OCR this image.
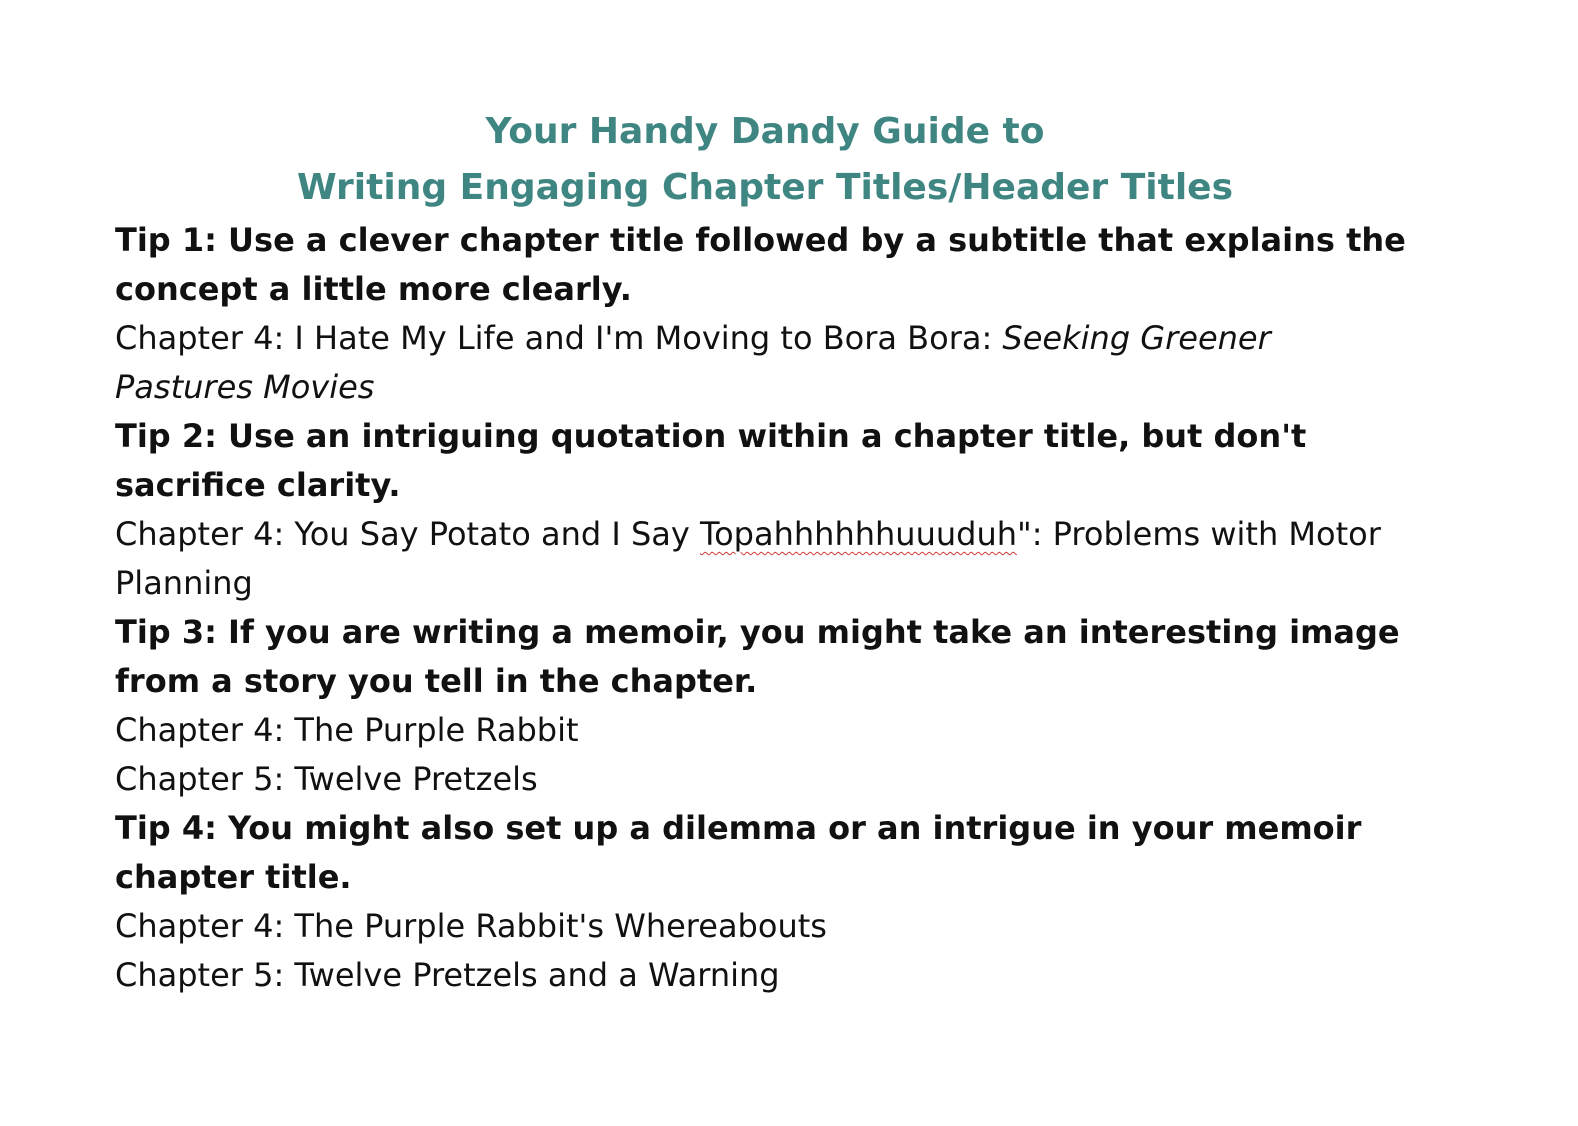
Your Handy Dandy Guide to
Writing Engaging Chapter Titles/Header Titles

Tip 1: Use a clever chapter title followed by a subtitle that explains the concept a little more clearly.

Chapter 4: I Hate My Life and I'm Moving to Bora Bora: Seeking Greener Pastures Movies

Tip 2: Use an intriguing quotation within a chapter title, but don't sacrifice clarity.

Chapter 4: You Say Potato and I Say Topahhhhhhuuuduh": Problems with Motor Planning

Tip 3: If you are writing a memoir, you might take an interesting image from a story you tell in the chapter.

Chapter 4: The Purple Rabbit

Chapter 5: Twelve Pretzels

Tip 4: You might also set up a dilemma or an intrigue in your memoir chapter title.

Chapter 4: The Purple Rabbit's Whereabouts

Chapter 5: Twelve Pretzels and a Warning
